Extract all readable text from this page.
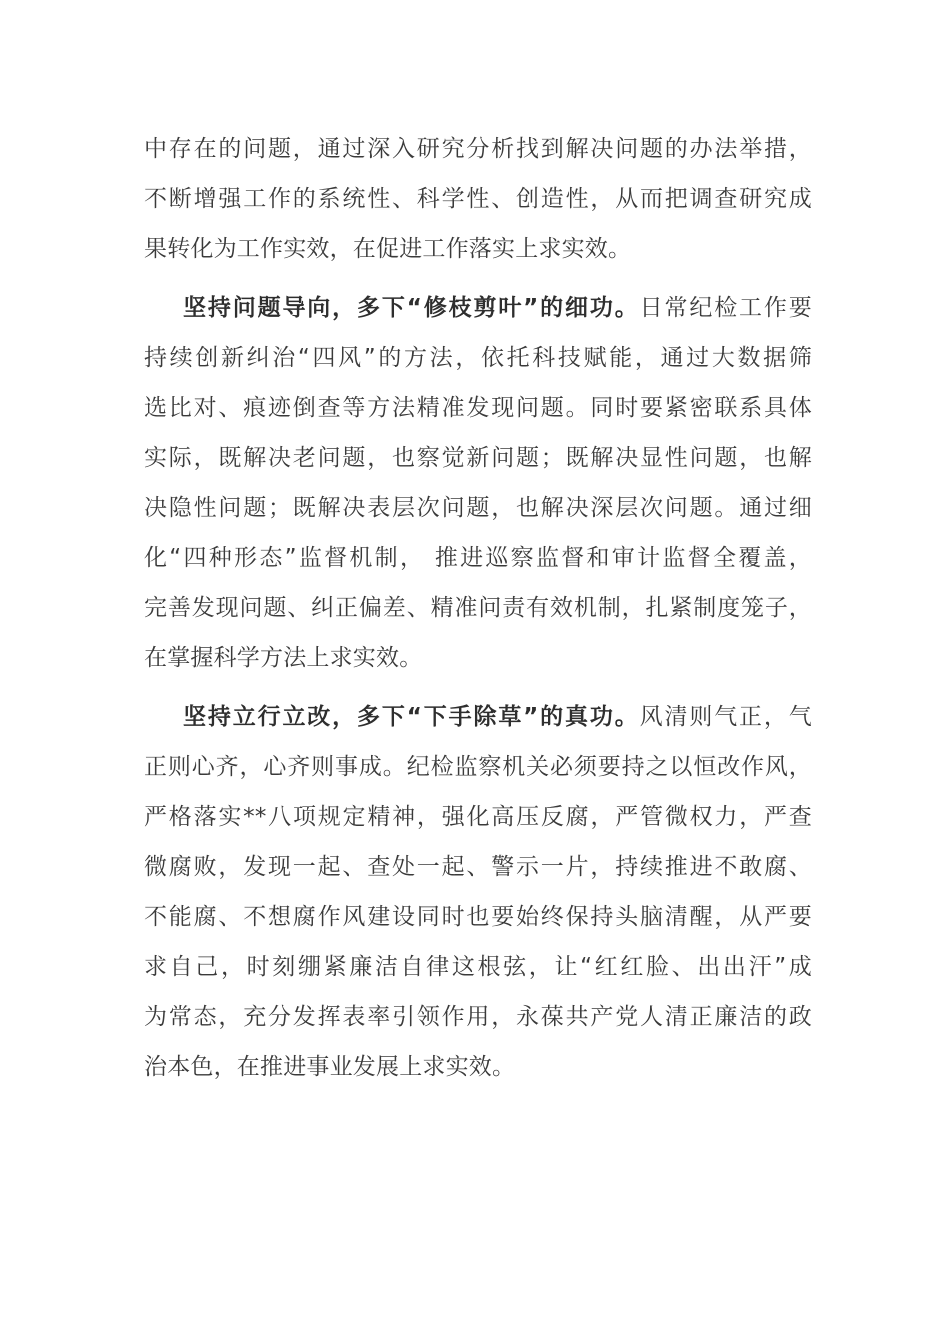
中存在的问题，通过深入研究分析找到解决问题的办法举措，
不断增强工作的系统性、科学性、创造性，从而把调查研究成
果转化为工作实效，在促进工作落实上求实效。
坚持问题导向，多下“修枝剪叶”的细功。日常纪检工作要
持续创新纠治“四风”的方法，依托科技赋能，通过大数据筛
选比对、痕迹倒查等方法精准发现问题。同时要紧密联系具体
实际，既解决老问题，也察觉新问题；既解决显性问题，也解
决隐性问题；既解决表层次问题，也解决深层次问题。通过细
化“四种形态”监督机制， 推进巡察监督和审计监督全覆盖，
完善发现问题、纠正偏差、精准问责有效机制，扎紧制度笼子，
在掌握科学方法上求实效。
坚持立行立改，多下“下手除草”的真功。风清则气正，气
正则心齐，心齐则事成。纪检监察机关必须要持之以恒改作风，
严格落实**八项规定精神，强化高压反腐，严管微权力，严查
微腐败，发现一起、查处一起、警示一片，持续推进不敢腐、
不能腐、不想腐作风建设同时也要始终保持头脑清醒，从严要
求自己，时刻绷紧廉洁自律这根弦，让“红红脸、出出汗”成
为常态，充分发挥表率引领作用，永葆共产党人清正廉洁的政
治本色，在推进事业发展上求实效。
